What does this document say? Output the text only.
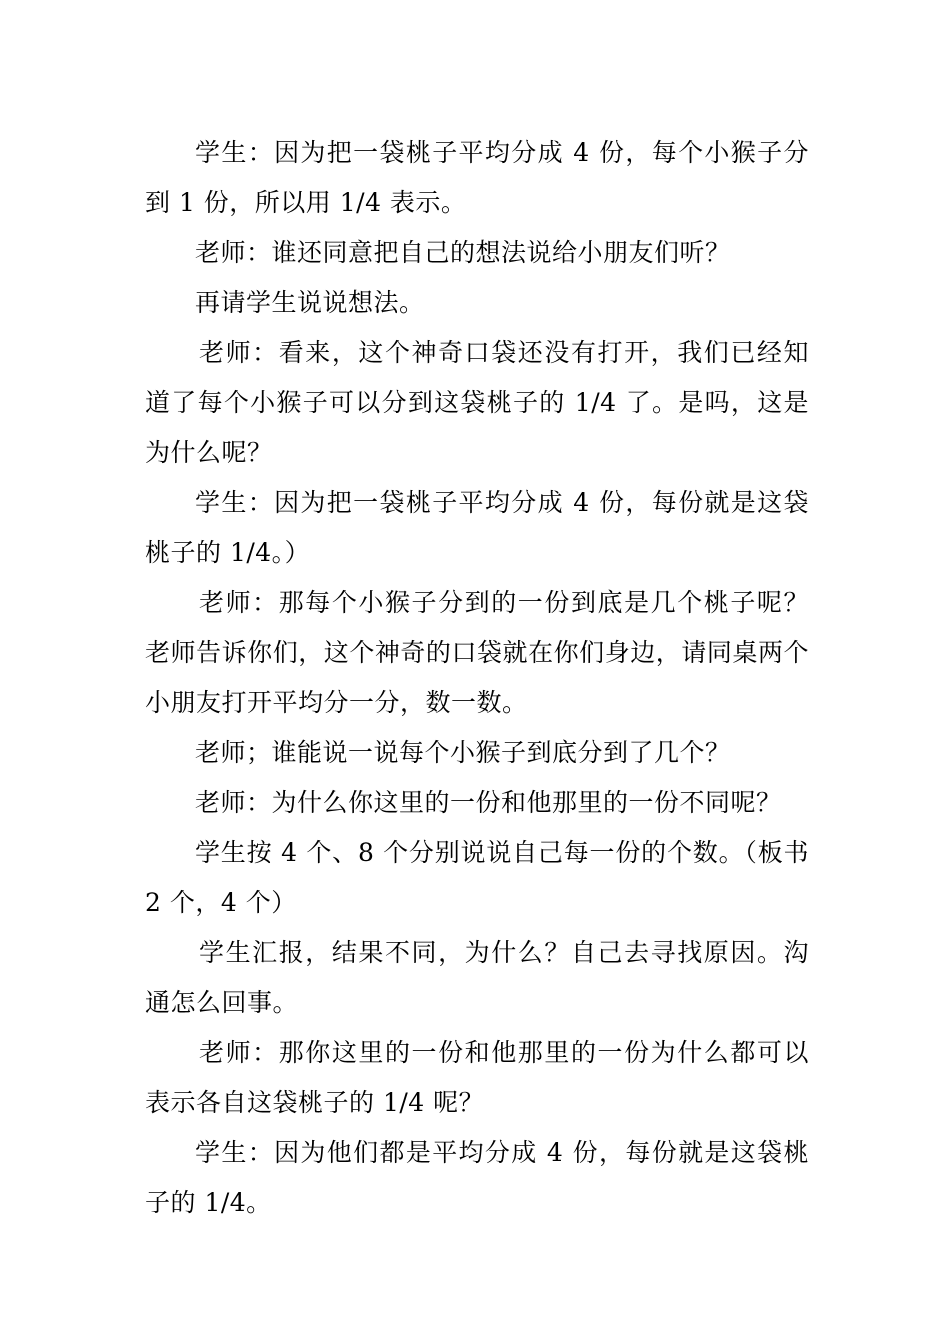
学生：因为把一袋桃子平均分成 4 份，每个小猴子分到 1 份，所以用 1/4 表示。

老师：谁还同意把自己的想法说给小朋友们听？

再请学生说说想法。

老师：看来，这个神奇口袋还没有打开，我们已经知道了每个小猴子可以分到这袋桃子的 1/4 了。是吗，这是为什么呢？

学生：因为把一袋桃子平均分成 4 份，每份就是这袋桃子的 1/4。）

老师：那每个小猴子分到的一份到底是几个桃子呢？老师告诉你们，这个神奇的口袋就在你们身边，请同桌两个小朋友打开平均分一分，数一数。

老师；谁能说一说每个小猴子到底分到了几个？

老师：为什么你这里的一份和他那里的一份不同呢？

学生按 4 个、8 个分别说说自己每一份的个数。（板书 2 个，4 个）

学生汇报，结果不同，为什么？自己去寻找原因。沟通怎么回事。

老师：那你这里的一份和他那里的一份为什么都可以表示各自这袋桃子的 1/4 呢？

学生：因为他们都是平均分成 4 份，每份就是这袋桃子的 1/4。
